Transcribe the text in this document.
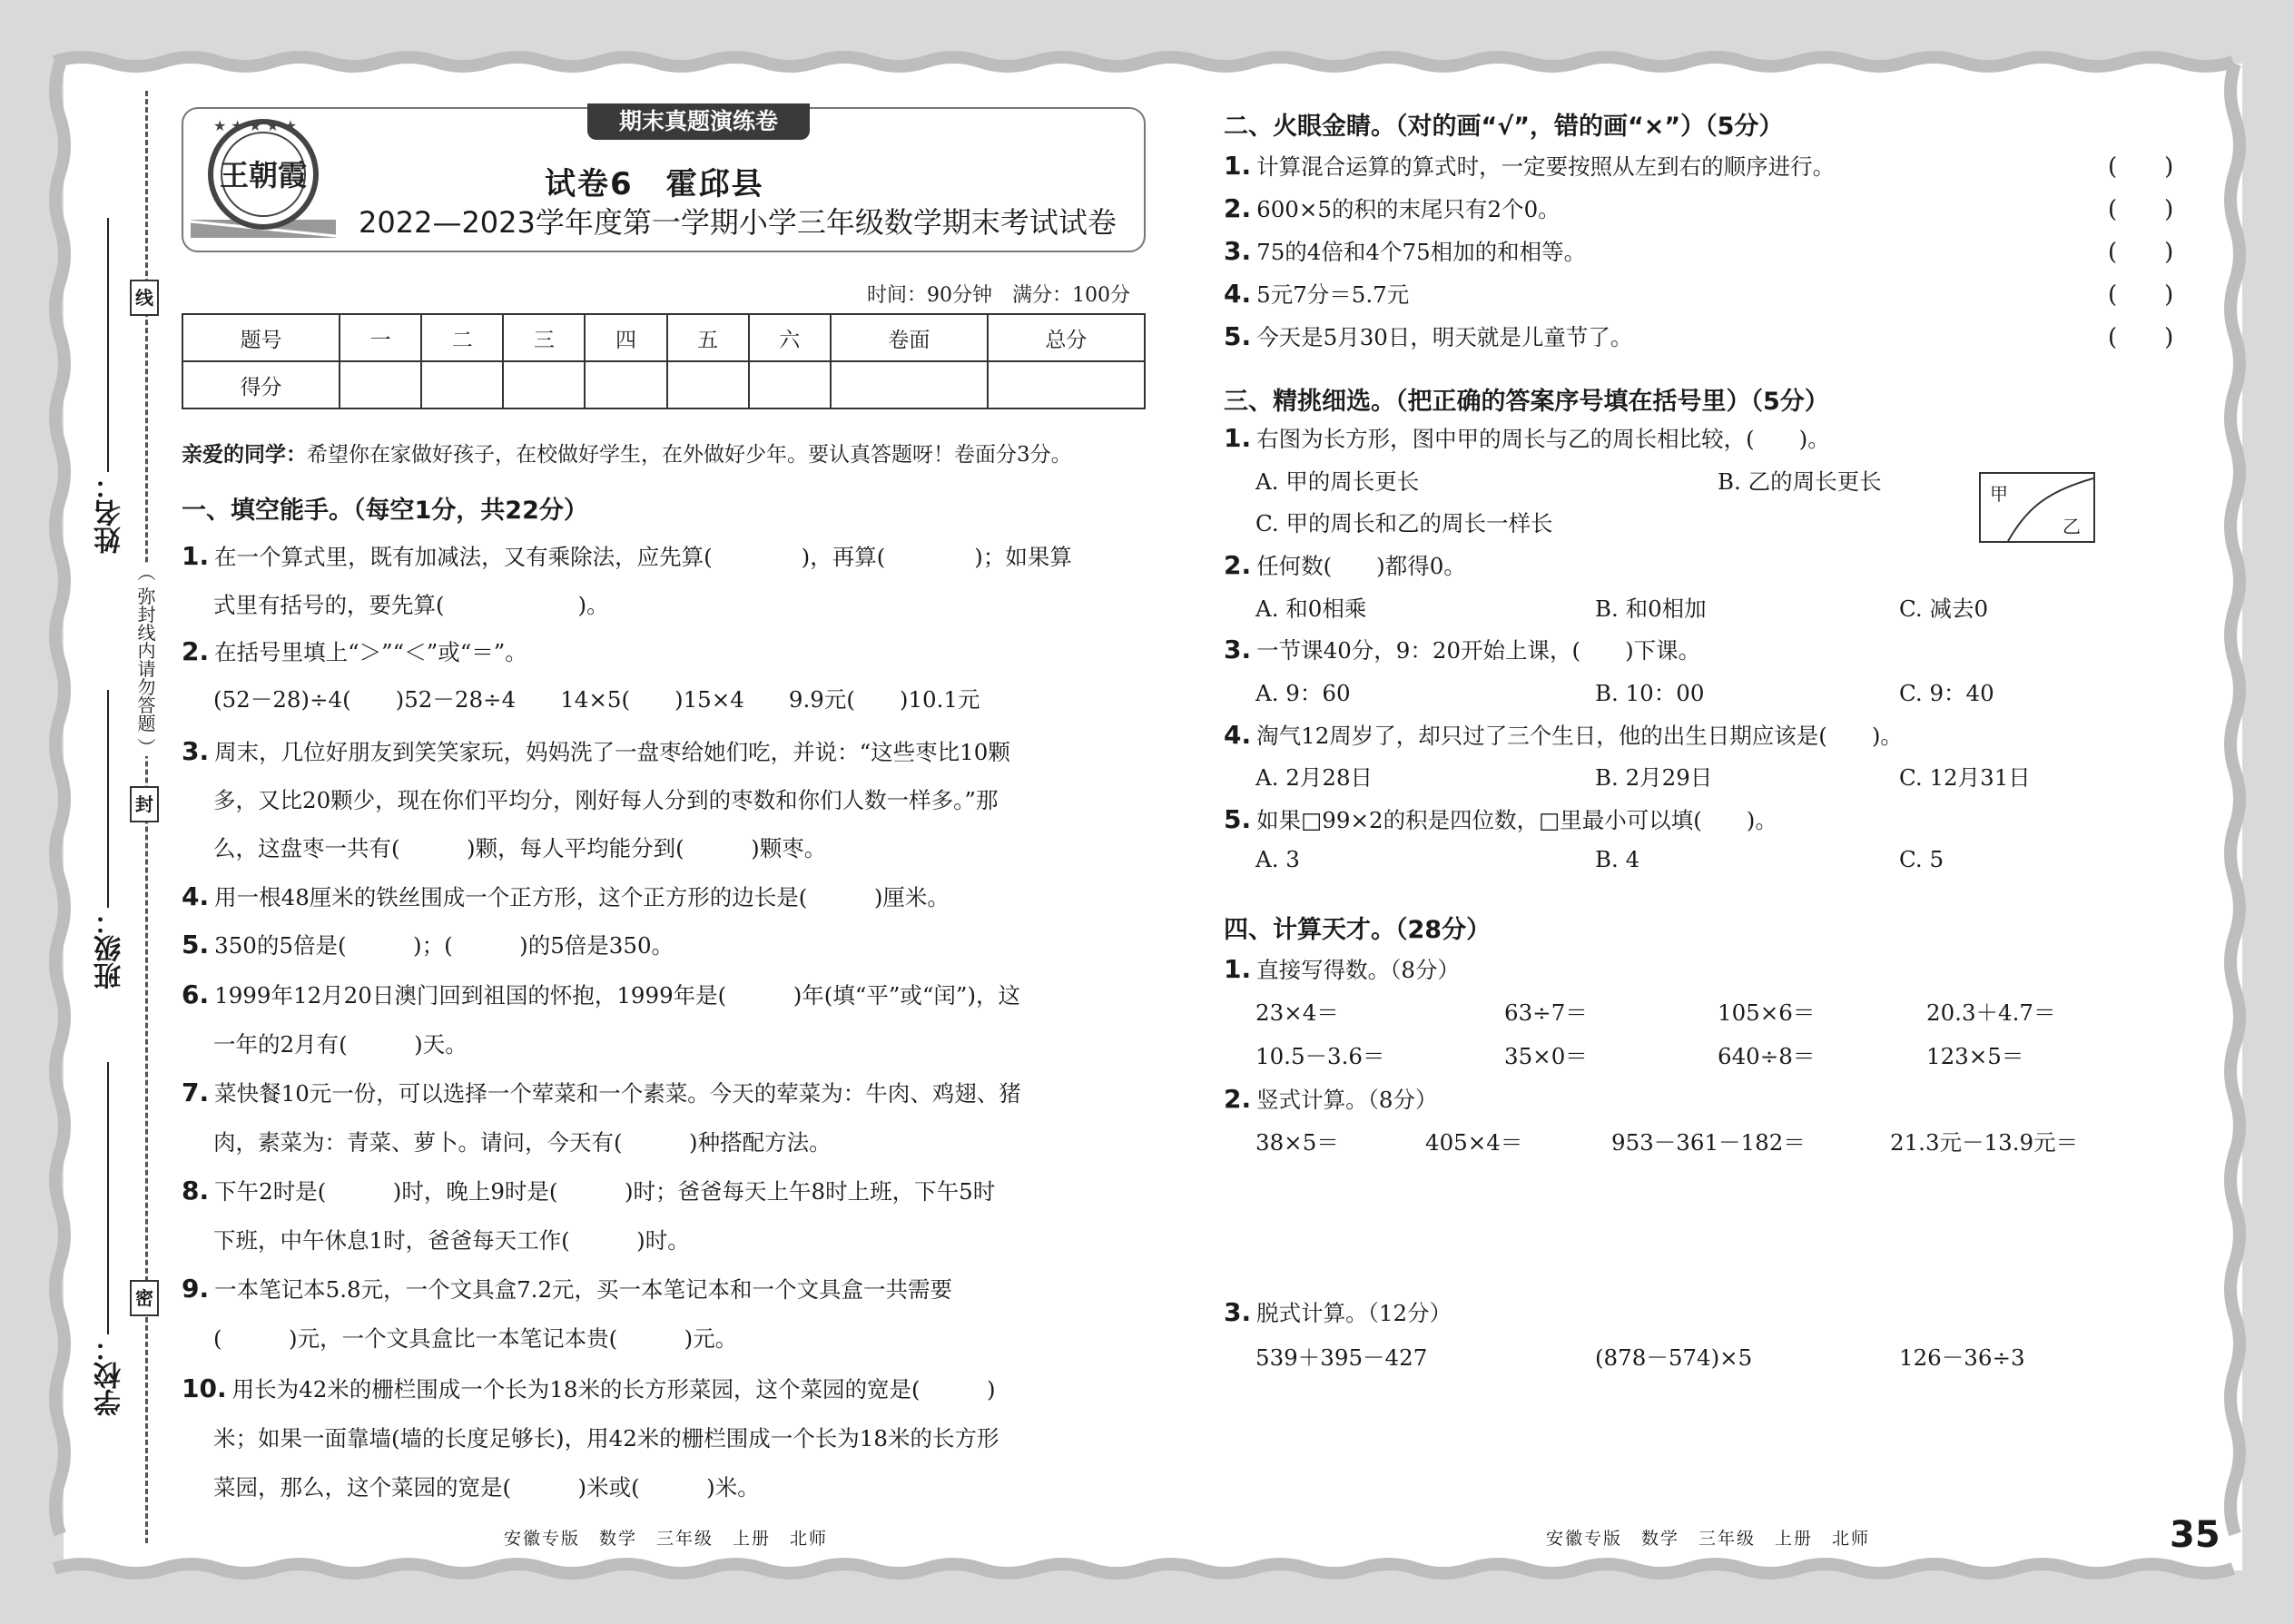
线
封
密
（ 弥封线内请勿答题 ）
姓名：
班级：
学校：
期末真题演练卷
王朝霞
★ ★ ★ ★ ★
试卷6　霍邱县
2022—2023学年度第一学期小学三年级数学期末考试试卷
时间：90分钟　满分：100分
题号	一	二	三	四	五	六	卷面	总分
得分								
亲爱的同学：希望你在家做好孩子，在校做好学生，在外做好少年。要认真答题呀！卷面分3分。
一、填空能手。（每空1分，共22分）
1. 在一个算式里，既有加减法，又有乘除法，应先算(　　　　)，再算(　　　　)；如果算
式里有括号的，要先算(　　　　　　)。
2. 在括号里填上“＞”“＜”或“＝”。
(52－28)÷4(　　)52－28÷4　　14×5(　　)15×4　　9.9元(　　)10.1元
3. 周末，几位好朋友到笑笑家玩，妈妈洗了一盘枣给她们吃，并说：“这些枣比10颗
多，又比20颗少，现在你们平均分，刚好每人分到的枣数和你们人数一样多。”那
么，这盘枣一共有(　　　)颗，每人平均能分到(　　　)颗枣。
4. 用一根48厘米的铁丝围成一个正方形，这个正方形的边长是(　　　)厘米。
5. 350的5倍是(　　　)；(　　　)的5倍是350。
6. 1999年12月20日澳门回到祖国的怀抱，1999年是(　　　)年(填“平”或“闰”)，这
一年的2月有(　　　)天。
7. 菜快餐10元一份，可以选择一个荤菜和一个素菜。今天的荤菜为：牛肉、鸡翅、猪
肉，素菜为：青菜、萝卜。请问，今天有(　　　)种搭配方法。
8. 下午2时是(　　　)时，晚上9时是(　　　)时；爸爸每天上午8时上班，下午5时
下班，中午休息1时，爸爸每天工作(　　　)时。
9. 一本笔记本5.8元，一个文具盒7.2元，买一本笔记本和一个文具盒一共需要
(　　　)元，一个文具盒比一本笔记本贵(　　　)元。
10. 用长为42米的栅栏围成一个长为18米的长方形菜园，这个菜园的宽是(　　　)
米；如果一面靠墙(墙的长度足够长)，用42米的栅栏围成一个长为18米的长方形
菜园，那么，这个菜园的宽是(　　　)米或(　　　)米。
二、火眼金睛。（对的画“√”，错的画“×”）（5分）
1. 计算混合运算的算式时，一定要按照从左到右的顺序进行。	(　　)
2. 600×5的积的末尾只有2个0。	(　　)
3. 75的4倍和4个75相加的和相等。	(　　)
4. 5元7分＝5.7元	(　　)
5. 今天是5月30日，明天就是儿童节了。	(　　)
三、精挑细选。（把正确的答案序号填在括号里）（5分）
1. 右图为长方形，图中甲的周长与乙的周长相比较，(　　)。
A. 甲的周长更长	B. 乙的周长更长
C. 甲的周长和乙的周长一样长
甲
乙
2. 任何数(　　)都得0。
A. 和0相乘	B. 和0相加	C. 减去0
3. 一节课40分，9：20开始上课，(　　)下课。
A. 9：60	B. 10：00	C. 9：40
4. 淘气12周岁了，却只过了三个生日，他的出生日期应该是(　　)。
A. 2月28日	B. 2月29日	C. 12月31日
5. 如果□99×2的积是四位数，□里最小可以填(　　)。
A. 3	B. 4	C. 5
四、计算天才。（28分）
1. 直接写得数。（8分）
23×4＝	63÷7＝	105×6＝	20.3＋4.7＝
10.5－3.6＝	35×0＝	640÷8＝	123×5＝
2. 竖式计算。（8分）
38×5＝	405×4＝	953－361－182＝	21.3元－13.9元＝
3. 脱式计算。（12分）
539＋395－427	(878－574)×5	126－36÷3
安徽专版　数学　三年级　上册　北师	安徽专版　数学　三年级　上册　北师	35
